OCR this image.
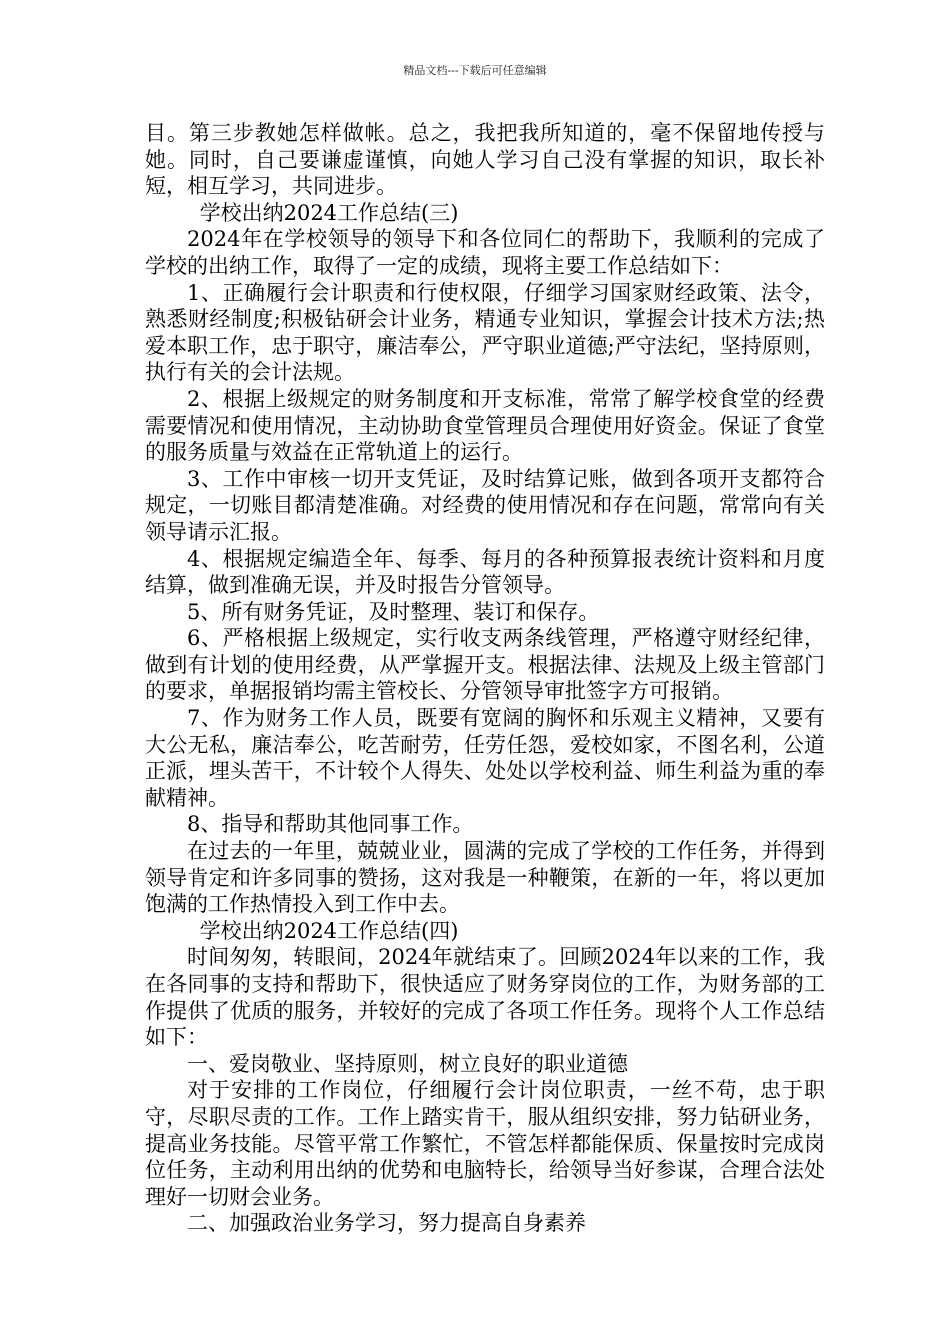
精品文档---下载后可任意编辑

目。第三步教她怎样做帐。总之，我把我所知道的，毫不保留地传授与她。同时，自己要谦虚谨慎，向她人学习自己没有掌握的知识，取长补短，相互学习，共同进步。

学校出纳2024工作总结(三)

2024年在学校领导的领导下和各位同仁的帮助下，我顺利的完成了学校的出纳工作，取得了一定的成绩，现将主要工作总结如下：

1、正确履行会计职责和行使权限，仔细学习国家财经政策、法令，熟悉财经制度;积极钻研会计业务，精通专业知识，掌握会计技术方法;热爱本职工作，忠于职守，廉洁奉公，严守职业道德;严守法纪，坚持原则，执行有关的会计法规。

2、根据上级规定的财务制度和开支标准，常常了解学校食堂的经费需要情况和使用情况，主动协助食堂管理员合理使用好资金。保证了食堂的服务质量与效益在正常轨道上的运行。

3、工作中审核一切开支凭证，及时结算记账，做到各项开支都符合规定，一切账目都清楚准确。对经费的使用情况和存在问题，常常向有关领导请示汇报。

4、根据规定编造全年、每季、每月的各种预算报表统计资料和月度结算，做到准确无误，并及时报告分管领导。

5、所有财务凭证，及时整理、装订和保存。

6、严格根据上级规定，实行收支两条线管理，严格遵守财经纪律，做到有计划的使用经费，从严掌握开支。根据法律、法规及上级主管部门的要求，单据报销均需主管校长、分管领导审批签字方可报销。

7、作为财务工作人员，既要有宽阔的胸怀和乐观主义精神，又要有大公无私，廉洁奉公，吃苦耐劳，任劳任怨，爱校如家，不图名利，公道正派，埋头苦干，不计较个人得失、处处以学校利益、师生利益为重的奉献精神。

8、指导和帮助其他同事工作。

在过去的一年里，兢兢业业，圆满的完成了学校的工作任务，并得到领导肯定和许多同事的赞扬，这对我是一种鞭策，在新的一年，将以更加饱满的工作热情投入到工作中去。

学校出纳2024工作总结(四)

时间匆匆，转眼间，2024年就结束了。回顾2024年以来的工作，我在各同事的支持和帮助下，很快适应了财务穿岗位的工作，为财务部的工作提供了优质的服务，并较好的完成了各项工作任务。现将个人工作总结如下：

一、爱岗敬业、坚持原则，树立良好的职业道德

对于安排的工作岗位，仔细履行会计岗位职责，一丝不苟，忠于职守，尽职尽责的工作。工作上踏实肯干，服从组织安排，努力钻研业务，提高业务技能。尽管平常工作繁忙，不管怎样都能保质、保量按时完成岗位任务，主动利用出纳的优势和电脑特长，给领导当好参谋，合理合法处理好一切财会业务。

二、加强政治业务学习，努力提高自身素养
